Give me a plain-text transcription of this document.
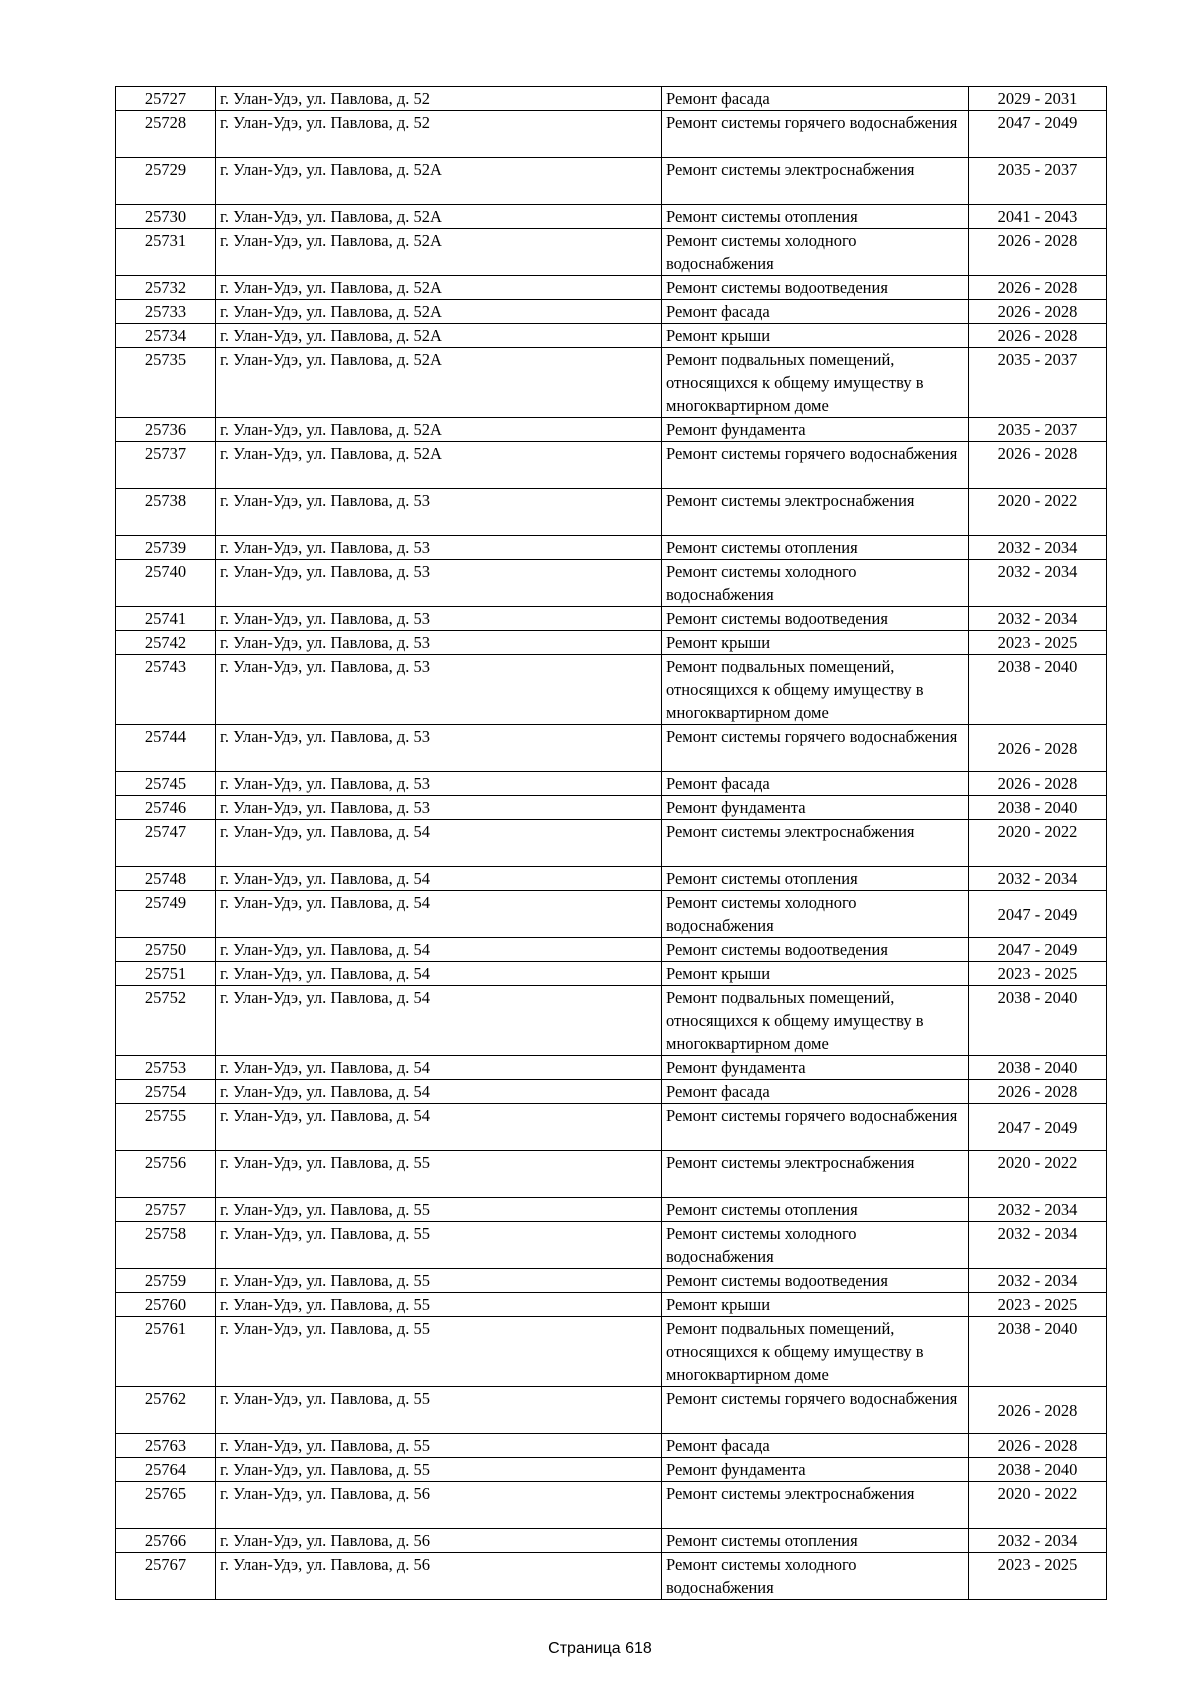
25727	г. Улан-Удэ, ул. Павлова, д. 52	Ремонт фасада	2029 - 2031
25728	г. Улан-Удэ, ул. Павлова, д. 52	Ремонт системы горячего водоснабжения	2047 - 2049
25729	г. Улан-Удэ, ул. Павлова, д. 52А	Ремонт системы электроснабжения	2035 - 2037
25730	г. Улан-Удэ, ул. Павлова, д. 52А	Ремонт системы отопления	2041 - 2043
25731	г. Улан-Удэ, ул. Павлова, д. 52А	Ремонт системы холодного водоснабжения	2026 - 2028
25732	г. Улан-Удэ, ул. Павлова, д. 52А	Ремонт системы водоотведения	2026 - 2028
25733	г. Улан-Удэ, ул. Павлова, д. 52А	Ремонт фасада	2026 - 2028
25734	г. Улан-Удэ, ул. Павлова, д. 52А	Ремонт крыши	2026 - 2028
25735	г. Улан-Удэ, ул. Павлова, д. 52А	Ремонт подвальных помещений, относящихся к общему имуществу в многоквартирном доме	2035 - 2037
25736	г. Улан-Удэ, ул. Павлова, д. 52А	Ремонт фундамента	2035 - 2037
25737	г. Улан-Удэ, ул. Павлова, д. 52А	Ремонт системы горячего водоснабжения	2026 - 2028
25738	г. Улан-Удэ, ул. Павлова, д. 53	Ремонт системы электроснабжения	2020 - 2022
25739	г. Улан-Удэ, ул. Павлова, д. 53	Ремонт системы отопления	2032 - 2034
25740	г. Улан-Удэ, ул. Павлова, д. 53	Ремонт системы холодного водоснабжения	2032 - 2034
25741	г. Улан-Удэ, ул. Павлова, д. 53	Ремонт системы водоотведения	2032 - 2034
25742	г. Улан-Удэ, ул. Павлова, д. 53	Ремонт крыши	2023 - 2025
25743	г. Улан-Удэ, ул. Павлова, д. 53	Ремонт подвальных помещений, относящихся к общему имуществу в многоквартирном доме	2038 - 2040
25744	г. Улан-Удэ, ул. Павлова, д. 53	Ремонт системы горячего водоснабжения	2026 - 2028
25745	г. Улан-Удэ, ул. Павлова, д. 53	Ремонт фасада	2026 - 2028
25746	г. Улан-Удэ, ул. Павлова, д. 53	Ремонт фундамента	2038 - 2040
25747	г. Улан-Удэ, ул. Павлова, д. 54	Ремонт системы электроснабжения	2020 - 2022
25748	г. Улан-Удэ, ул. Павлова, д. 54	Ремонт системы отопления	2032 - 2034
25749	г. Улан-Удэ, ул. Павлова, д. 54	Ремонт системы холодного водоснабжения	2047 - 2049
25750	г. Улан-Удэ, ул. Павлова, д. 54	Ремонт системы водоотведения	2047 - 2049
25751	г. Улан-Удэ, ул. Павлова, д. 54	Ремонт крыши	2023 - 2025
25752	г. Улан-Удэ, ул. Павлова, д. 54	Ремонт подвальных помещений, относящихся к общему имуществу в многоквартирном доме	2038 - 2040
25753	г. Улан-Удэ, ул. Павлова, д. 54	Ремонт фундамента	2038 - 2040
25754	г. Улан-Удэ, ул. Павлова, д. 54	Ремонт фасада	2026 - 2028
25755	г. Улан-Удэ, ул. Павлова, д. 54	Ремонт системы горячего водоснабжения	2047 - 2049
25756	г. Улан-Удэ, ул. Павлова, д. 55	Ремонт системы электроснабжения	2020 - 2022
25757	г. Улан-Удэ, ул. Павлова, д. 55	Ремонт системы отопления	2032 - 2034
25758	г. Улан-Удэ, ул. Павлова, д. 55	Ремонт системы холодного водоснабжения	2032 - 2034
25759	г. Улан-Удэ, ул. Павлова, д. 55	Ремонт системы водоотведения	2032 - 2034
25760	г. Улан-Удэ, ул. Павлова, д. 55	Ремонт крыши	2023 - 2025
25761	г. Улан-Удэ, ул. Павлова, д. 55	Ремонт подвальных помещений, относящихся к общему имуществу в многоквартирном доме	2038 - 2040
25762	г. Улан-Удэ, ул. Павлова, д. 55	Ремонт системы горячего водоснабжения	2026 - 2028
25763	г. Улан-Удэ, ул. Павлова, д. 55	Ремонт фасада	2026 - 2028
25764	г. Улан-Удэ, ул. Павлова, д. 55	Ремонт фундамента	2038 - 2040
25765	г. Улан-Удэ, ул. Павлова, д. 56	Ремонт системы электроснабжения	2020 - 2022
25766	г. Улан-Удэ, ул. Павлова, д. 56	Ремонт системы отопления	2032 - 2034
25767	г. Улан-Удэ, ул. Павлова, д. 56	Ремонт системы холодного водоснабжения	2023 - 2025
Страница 618
